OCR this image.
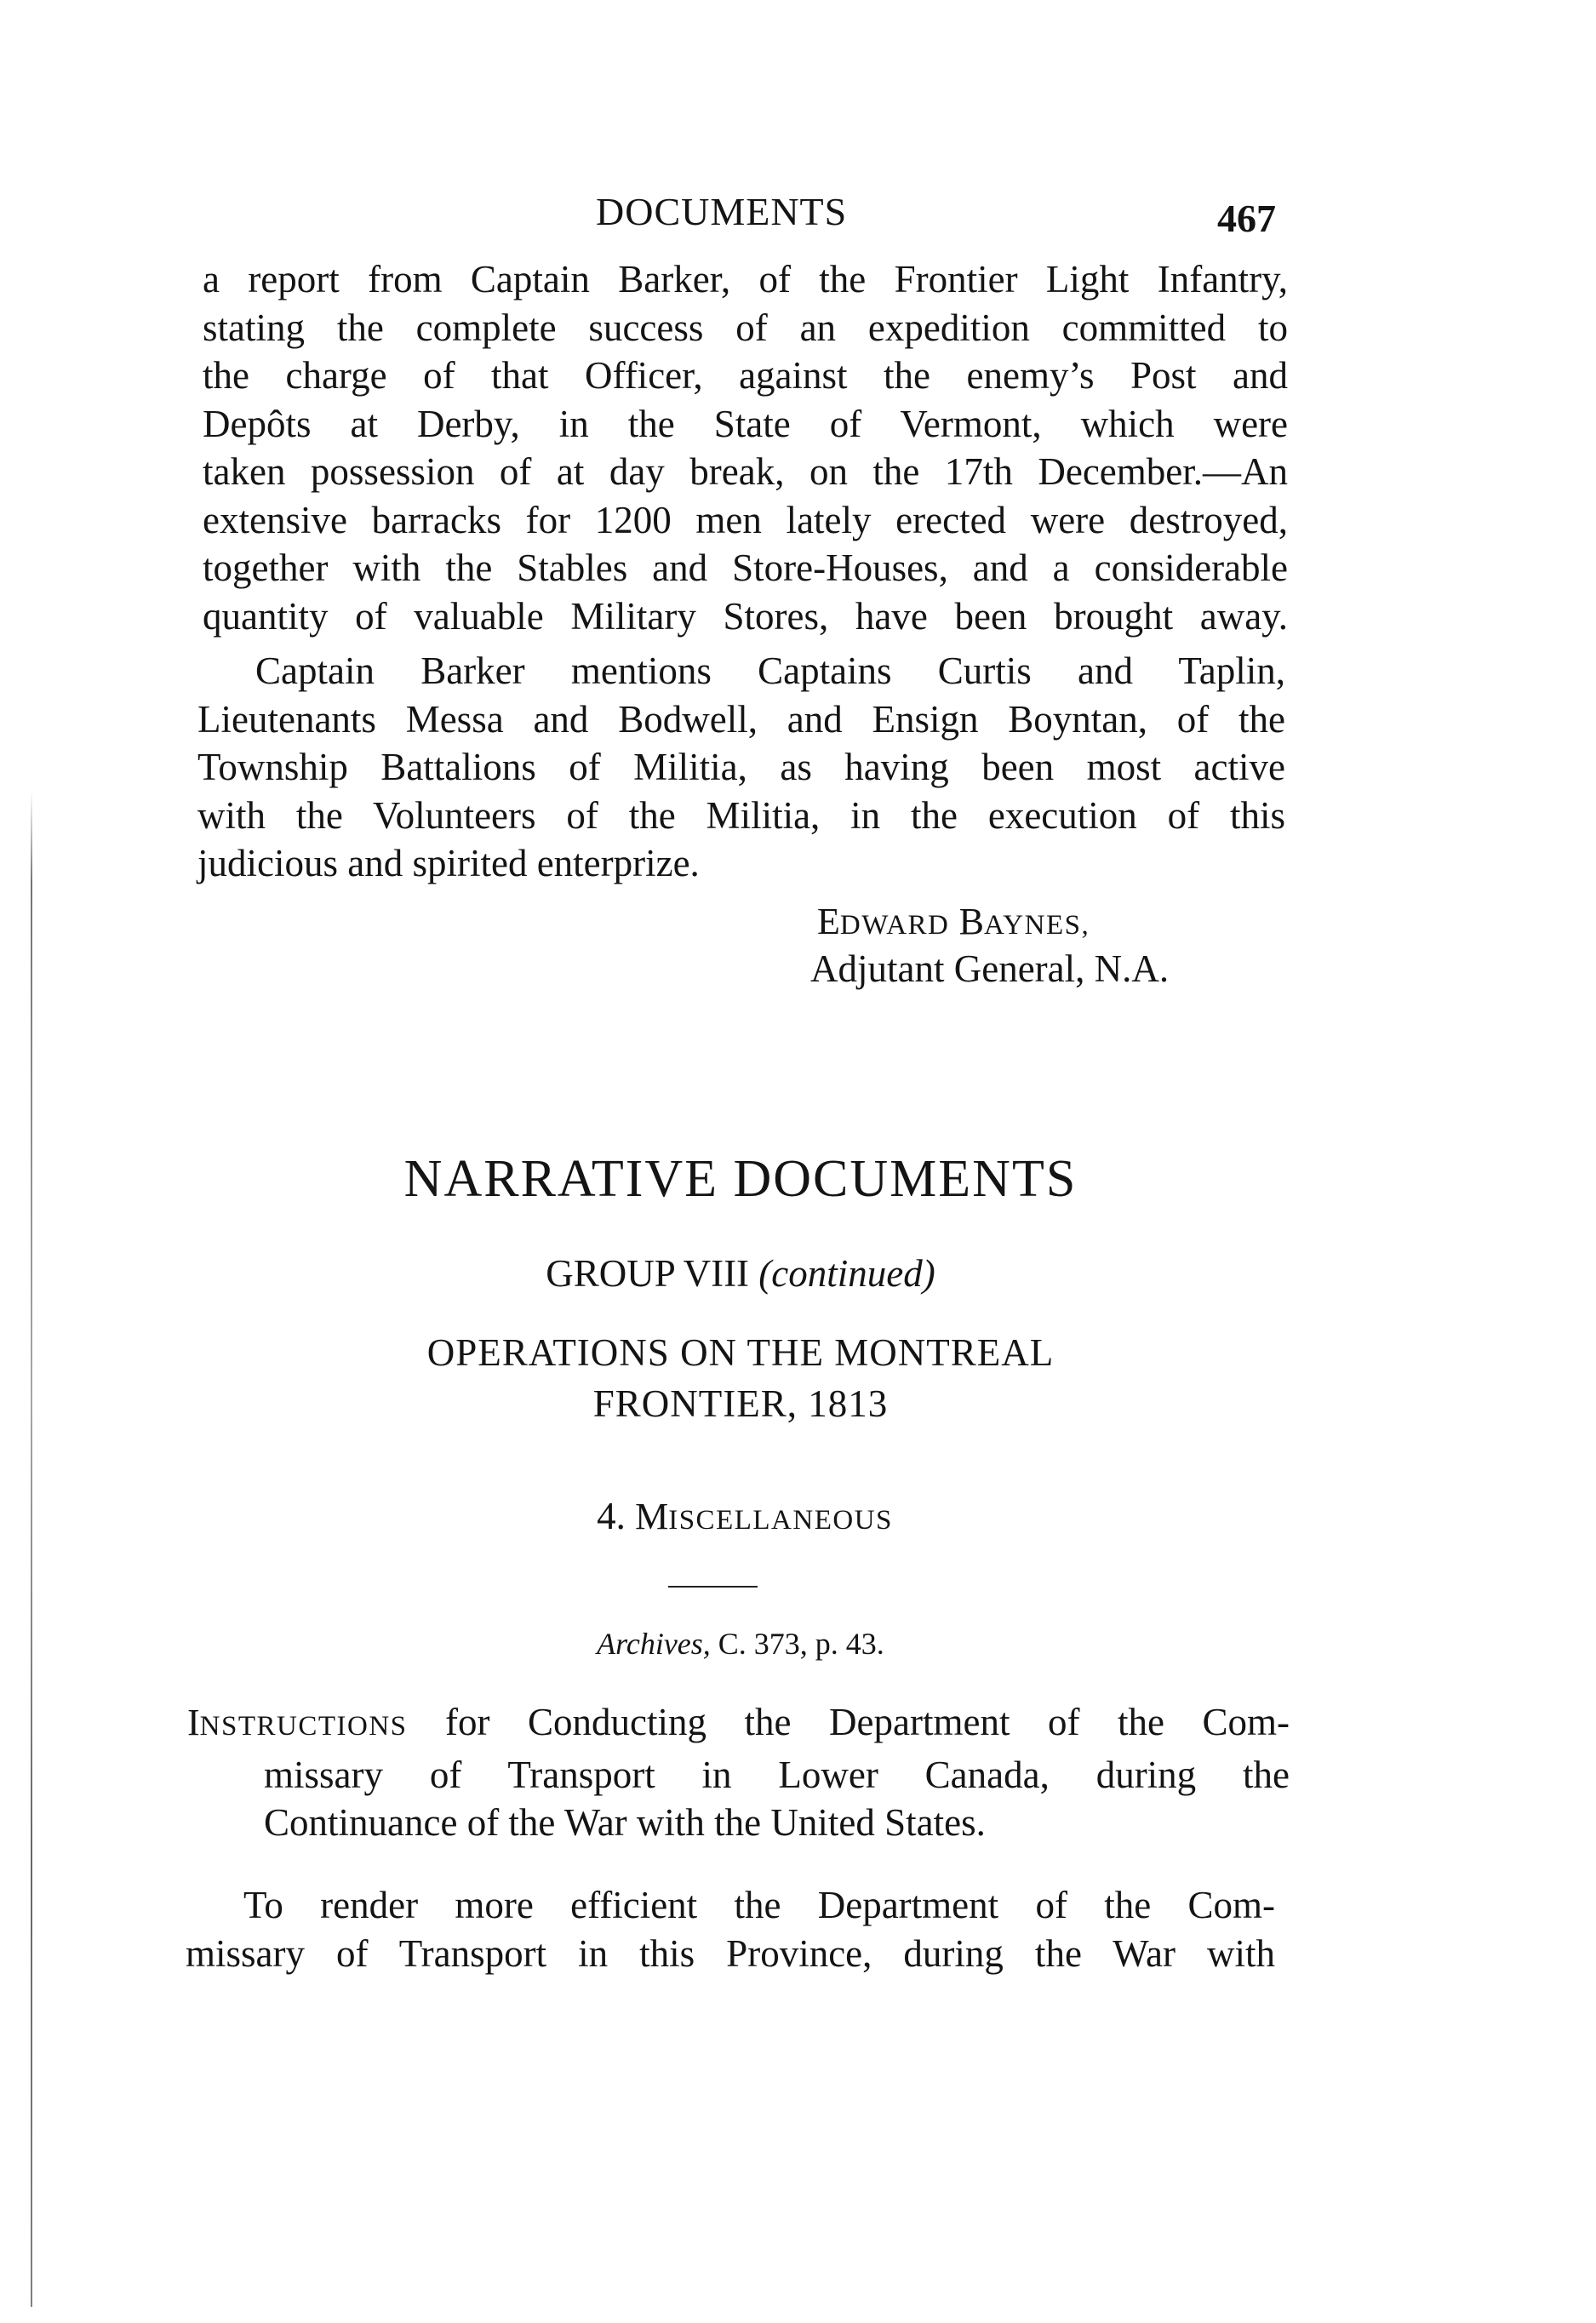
DOCUMENTS	467
a report from Captain Barker, of the Frontier Light Infantry,
stating the complete success of an expedition committed to
the charge of that Officer, against the enemy’s Post and
Depôts at Derby, in the State of Vermont, which were
taken possession of at day break, on the 17th December.—An
extensive barracks for 1200 men lately erected were destroyed,
together with the Stables and Store-Houses, and a considerable
quantity of valuable Military Stores, have been brought away.
Captain Barker mentions Captains Curtis and Taplin,
Lieutenants Messa and Bodwell, and Ensign Boyntan, of the
Township Battalions of Militia, as having been most active
with the Volunteers of the Militia, in the execution of this
judicious and spirited enterprize.
EDWARD BAYNES,
Adjutant General, N.A.
NARRATIVE DOCUMENTS
GROUP VIII (continued)
OPERATIONS ON THE MONTREAL
FRONTIER, 1813
4. MISCELLANEOUS
Archives, C. 373, p. 43.
INSTRUCTIONS for Conducting the Department of the Com-
missary of Transport in Lower Canada, during the
Continuance of the War with the United States.
To render more efficient the Department of the Com-
missary of Transport in this Province, during the War with
